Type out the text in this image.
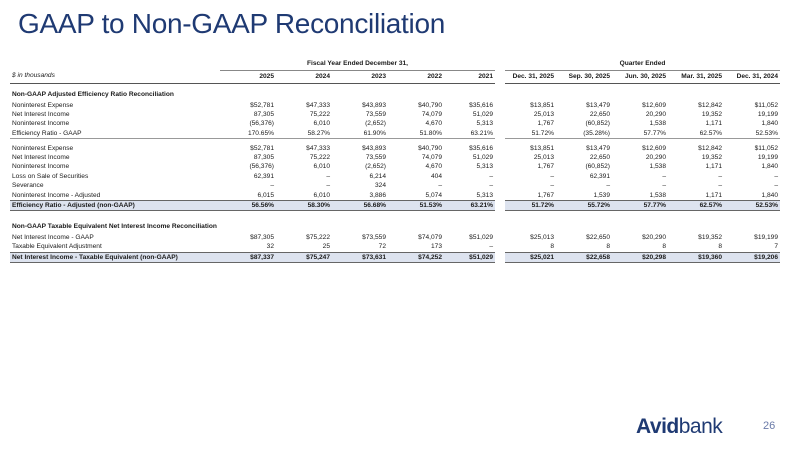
GAAP to Non-GAAP Reconciliation
	Fiscal Year Ended December 31,					Quarter Ended				
$ in thousands	2025	2024	2023	2022	2021	Dec. 31, 2025	Sep. 30, 2025	Jun. 30, 2025	Mar. 31, 2025	Dec. 31, 2024
Non-GAAP Adjusted Efficiency Ratio Reconciliation										
Noninterest Expense	$52,781	$47,333	$43,893	$40,790	$35,616	$13,851	$13,479	$12,609	$12,842	$11,052
Net Interest Income	87,305	75,222	73,559	74,079	51,029	25,013	22,650	20,290	19,352	19,199
Noninterest Income	(56,376)	6,010	(2,652)	4,670	5,313	1,767	(60,852)	1,538	1,171	1,840
Efficiency Ratio - GAAP	170.65%	58.27%	61.90%	51.80%	63.21%	51.72%	(35.28%)	57.77%	62.57%	52.53%

Noninterest Expense	$52,781	$47,333	$43,893	$40,790	$35,616	$13,851	$13,479	$12,609	$12,842	$11,052
Net Interest Income	87,305	75,222	73,559	74,079	51,029	25,013	22,650	20,290	19,352	19,199
Noninterest Income	(56,376)	6,010	(2,652)	4,670	5,313	1,767	(60,852)	1,538	1,171	1,840
Loss on Sale of Securities	62,391	–	6,214	404	–	–	62,391	–	–	–
Severance	–	–	324	–	–	–	–	–	–	–
Noninterest Income - Adjusted	6,015	6,010	3,886	5,074	5,313	1,767	1,539	1,538	1,171	1,840
Efficiency Ratio - Adjusted (non-GAAP)	56.56%	58.30%	56.68%	51.53%	63.21%	51.72%	55.72%	57.77%	62.57%	52.53%

Non-GAAP Taxable Equivalent Net Interest Income Reconciliation										
Net Interest Income - GAAP	$87,305	$75,222	$73,559	$74,079	$51,029	$25,013	$22,650	$20,290	$19,352	$19,199
Taxable Equivalent Adjustment	32	25	72	173	–	8	8	8	8	7
Net Interest Income - Taxable Equivalent (non-GAAP)	$87,337	$75,247	$73,631	$74,252	$51,029	$25,021	$22,658	$20,298	$19,360	$19,206
Avidbank	26
